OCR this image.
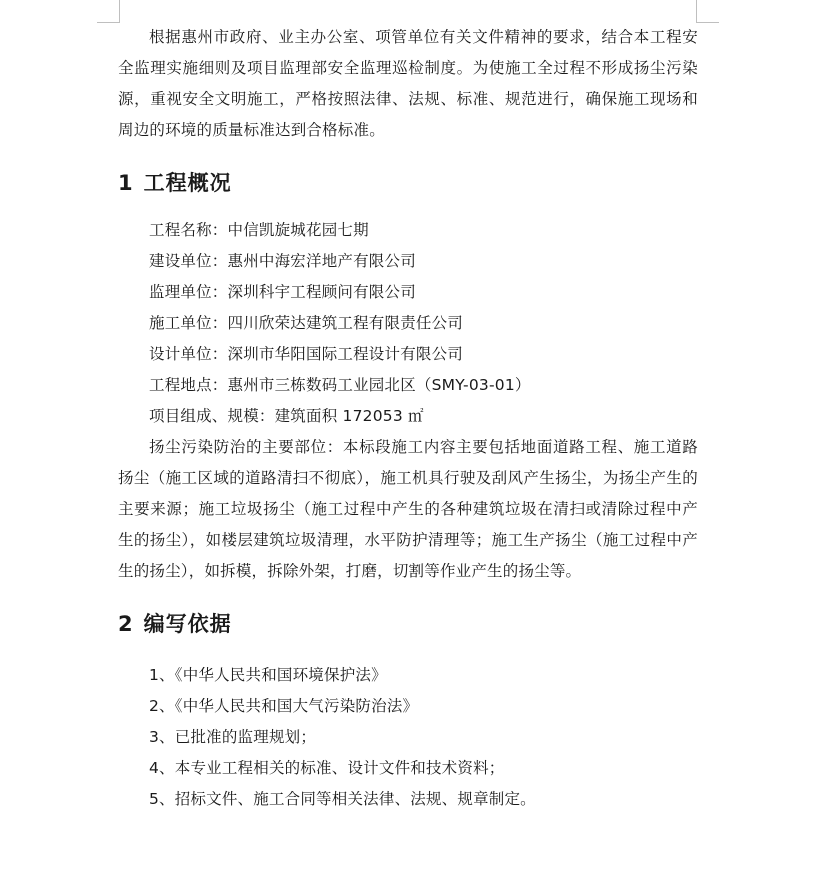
根据惠州市政府、业主办公室、项管单位有关文件精神的要求，结合本工程安全监理实施细则及项目监理部安全监理巡检制度。为使施工全过程不形成扬尘污染源，重视安全文明施工，严格按照法律、法规、标准、规范进行，确保施工现场和周边的环境的质量标准达到合格标准。

1 工程概况

工程名称：中信凯旋城花园七期

建设单位：惠州中海宏洋地产有限公司

监理单位：深圳科宇工程顾问有限公司

施工单位：四川欣荣达建筑工程有限责任公司

设计单位：深圳市华阳国际工程设计有限公司

工程地点：惠州市三栋数码工业园北区（SMY-03-01）

项目组成、规模：建筑面积 172053 ㎡

扬尘污染防治的主要部位：本标段施工内容主要包括地面道路工程、施工道路扬尘（施工区域的道路清扫不彻底），施工机具行驶及刮风产生扬尘，为扬尘产生的主要来源；施工垃圾扬尘（施工过程中产生的各种建筑垃圾在清扫或清除过程中产生的扬尘），如楼层建筑垃圾清理，水平防护清理等；施工生产扬尘（施工过程中产生的扬尘），如拆模，拆除外架，打磨，切割等作业产生的扬尘等。

2 编写依据

1、《中华人民共和国环境保护法》

2、《中华人民共和国大气污染防治法》

3、已批准的监理规划；

4、本专业工程相关的标准、设计文件和技术资料；

5、招标文件、施工合同等相关法律、法规、规章制定。
